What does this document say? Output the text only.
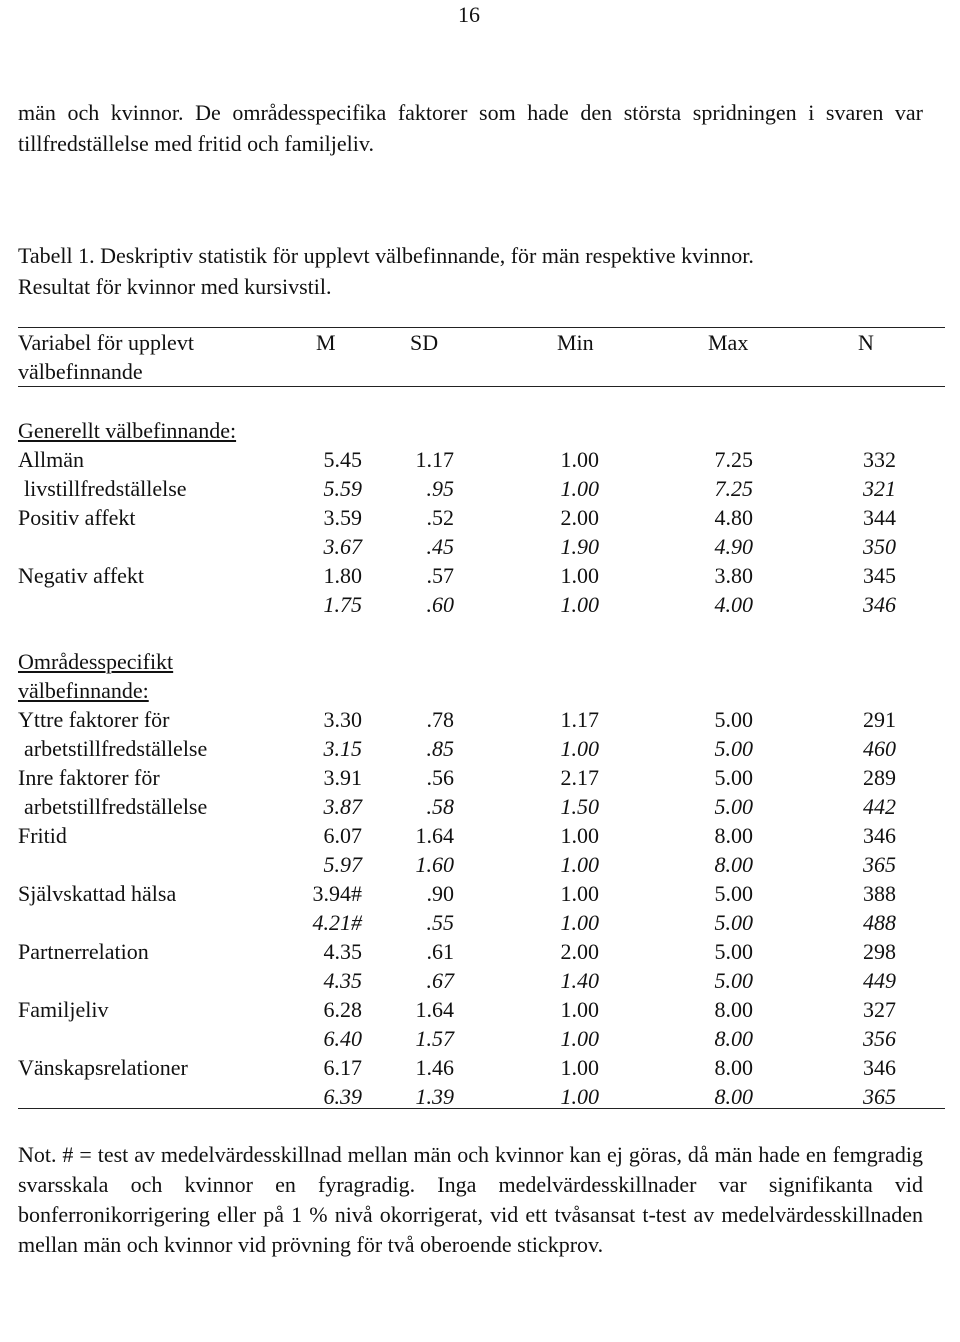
16
män och kvinnor. De områdesspecifika faktorer som hade den största spridningen i svaren var tillfredställelse med fritid och familjeliv.
Tabell 1. Deskriptiv statistik för upplevt välbefinnande, för män respektive kvinnor.
Resultat för kvinnor med kursivstil.
Variabel för upplevt
välbefinnande
M	SD	Min	Max	N
Generellt välbefinnande:
Områdesspecifikt
välbefinnande:
Allmän	5.45	1.17	1.00	7.25	332
livstillfredställelse	5.59	.95	1.00	7.25	321
Positiv affekt	3.59	.52	2.00	4.80	344
3.67	.45	1.90	4.90	350
Negativ affekt	1.80	.57	1.00	3.80	345
1.75	.60	1.00	4.00	346
Yttre faktorer för	3.30	.78	1.17	5.00	291
arbetstillfredställelse	3.15	.85	1.00	5.00	460
Inre faktorer för	3.91	.56	2.17	5.00	289
arbetstillfredställelse	3.87	.58	1.50	5.00	442
Fritid	6.07	1.64	1.00	8.00	346
5.97	1.60	1.00	8.00	365
Självskattad hälsa	3.94#	.90	1.00	5.00	388
4.21#	.55	1.00	5.00	488
Partnerrelation	4.35	.61	2.00	5.00	298
4.35	.67	1.40	5.00	449
Familjeliv	6.28	1.64	1.00	8.00	327
6.40	1.57	1.00	8.00	356
Vänskapsrelationer	6.17	1.46	1.00	8.00	346
6.39	1.39	1.00	8.00	365
Not. # = test av medelvärdesskillnad mellan män och kvinnor kan ej göras, då män hade en femgradig svarsskala och kvinnor en fyragradig. Inga medelvärdesskillnader var signifikanta vid bonferronikorrigering eller på 1 % nivå okorrigerat, vid ett tvåsansat t-test av medelvärdesskillnaden mellan män och kvinnor vid prövning för två oberoende stickprov.
